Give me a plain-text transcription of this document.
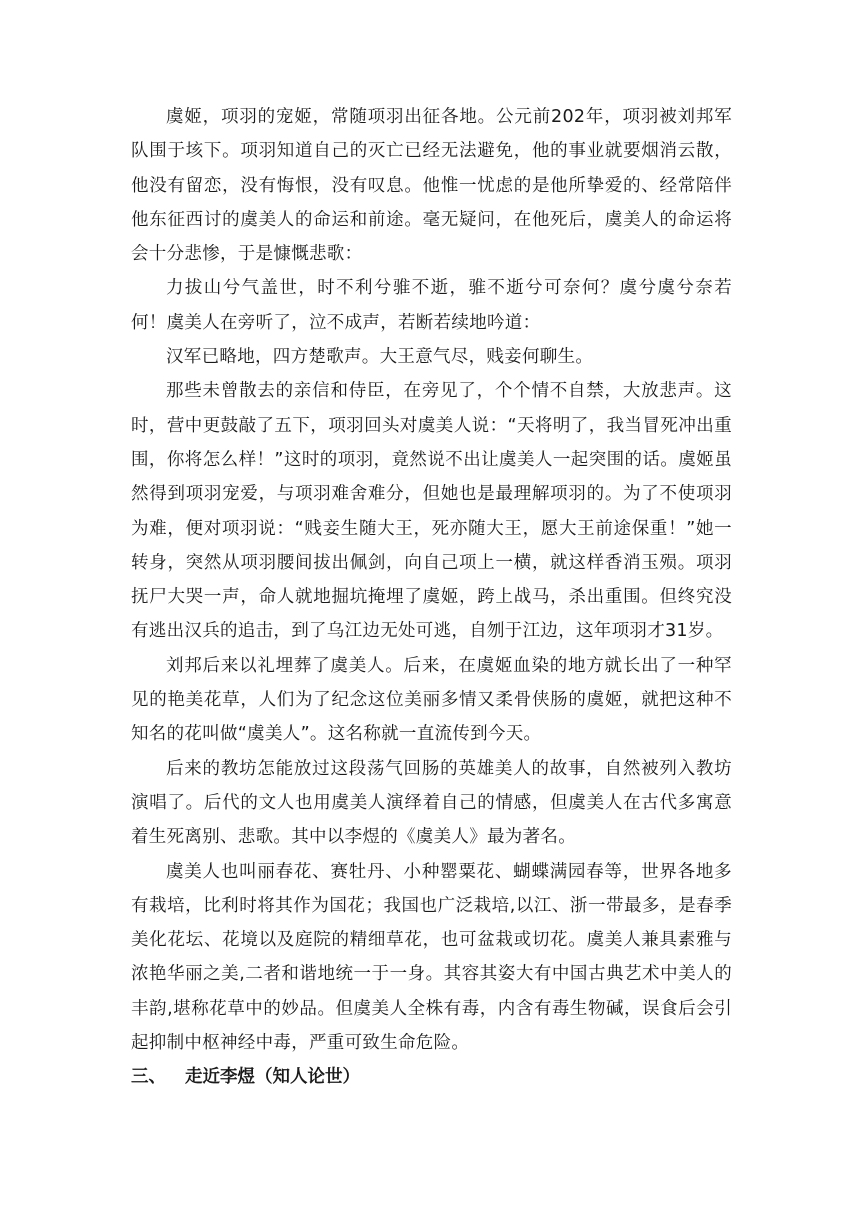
虞姬，项羽的宠姬，常随项羽出征各地。公元前202年，项羽被刘邦军队围于垓下。项羽知道自己的灭亡已经无法避免，他的事业就要烟消云散，他没有留恋，没有悔恨，没有叹息。他惟一忧虑的是他所挚爱的、经常陪伴他东征西讨的虞美人的命运和前途。毫无疑问，在他死后，虞美人的命运将会十分悲惨，于是慷慨悲歌：

力拔山兮气盖世，时不利兮骓不逝，骓不逝兮可奈何？虞兮虞兮奈若何！虞美人在旁听了，泣不成声，若断若续地吟道：

汉军已略地，四方楚歌声。大王意气尽，贱妾何聊生。

那些未曾散去的亲信和侍臣，在旁见了，个个情不自禁，大放悲声。这时，营中更鼓敲了五下，项羽回头对虞美人说：“天将明了，我当冒死冲出重围，你将怎么样！”这时的项羽，竟然说不出让虞美人一起突围的话。虞姬虽然得到项羽宠爱，与项羽难舍难分，但她也是最理解项羽的。为了不使项羽为难，便对项羽说：“贱妾生随大王，死亦随大王，愿大王前途保重！”她一转身，突然从项羽腰间拔出佩剑，向自己项上一横，就这样香消玉殒。项羽抚尸大哭一声，命人就地掘坑掩埋了虞姬，跨上战马，杀出重围。但终究没有逃出汉兵的追击，到了乌江边无处可逃，自刎于江边，这年项羽才31岁。

刘邦后来以礼埋葬了虞美人。后来，在虞姬血染的地方就长出了一种罕见的艳美花草，人们为了纪念这位美丽多情又柔骨侠肠的虞姬，就把这种不知名的花叫做“虞美人”。这名称就一直流传到今天。

后来的教坊怎能放过这段荡气回肠的英雄美人的故事，自然被列入教坊演唱了。后代的文人也用虞美人演绎着自己的情感，但虞美人在古代多寓意着生死离别、悲歌。其中以李煜的《虞美人》最为著名。

虞美人也叫丽春花、赛牡丹、小种罂粟花、蝴蝶满园春等，世界各地多有栽培，比利时将其作为国花；我国也广泛栽培,以江、浙一带最多，是春季美化花坛、花境以及庭院的精细草花，也可盆栽或切花。虞美人兼具素雅与浓艳华丽之美,二者和谐地统一于一身。其容其姿大有中国古典艺术中美人的丰韵,堪称花草中的妙品。但虞美人全株有毒，内含有毒生物碱，误食后会引起抑制中枢神经中毒，严重可致生命危险。

三、	走近李煜（知人论世）
